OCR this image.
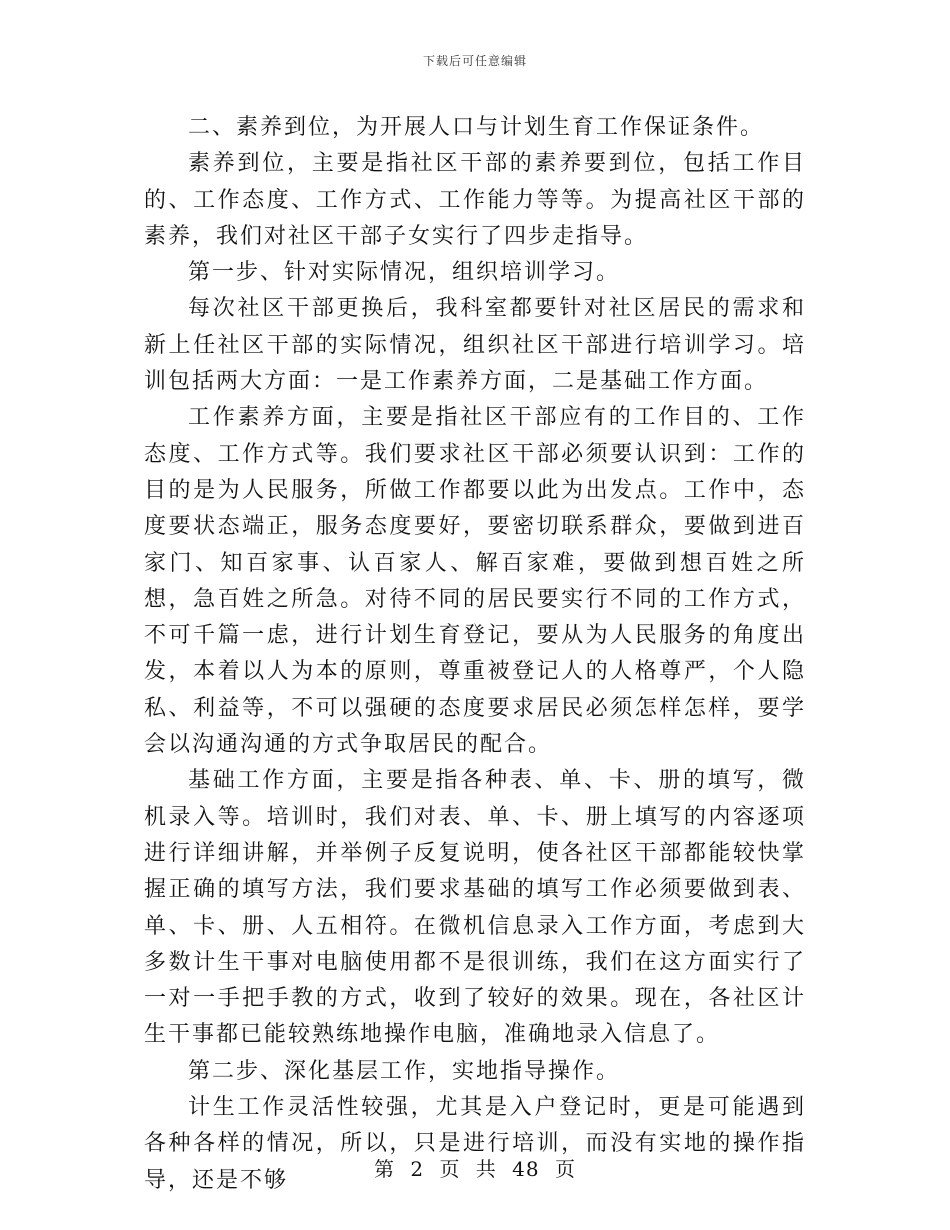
下载后可任意编辑

二、素养到位，为开展人口与计划生育工作保证条件。

素养到位，主要是指社区干部的素养要到位，包括工作目的、工作态度、工作方式、工作能力等等。为提高社区干部的素养，我们对社区干部子女实行了四步走指导。

第一步、针对实际情况，组织培训学习。

每次社区干部更换后，我科室都要针对社区居民的需求和新上任社区干部的实际情况，组织社区干部进行培训学习。培训包括两大方面：一是工作素养方面，二是基础工作方面。

工作素养方面，主要是指社区干部应有的工作目的、工作态度、工作方式等。我们要求社区干部必须要认识到：工作的目的是为人民服务，所做工作都要以此为出发点。工作中，态度要状态端正，服务态度要好，要密切联系群众，要做到进百家门、知百家事、认百家人、解百家难，要做到想百姓之所想，急百姓之所急。对待不同的居民要实行不同的工作方式，不可千篇一虑，进行计划生育登记，要从为人民服务的角度出发，本着以人为本的原则，尊重被登记人的人格尊严，个人隐私、利益等，不可以强硬的态度要求居民必须怎样怎样，要学会以沟通沟通的方式争取居民的配合。

基础工作方面，主要是指各种表、单、卡、册的填写，微机录入等。培训时，我们对表、单、卡、册上填写的内容逐项进行详细讲解，并举例子反复说明，使各社区干部都能较快掌握正确的填写方法，我们要求基础的填写工作必须要做到表、单、卡、册、人五相符。在微机信息录入工作方面，考虑到大多数计生干事对电脑使用都不是很训练，我们在这方面实行了一对一手把手教的方式，收到了较好的效果。现在，各社区计生干事都已能较熟练地操作电脑，准确地录入信息了。

第二步、深化基层工作，实地指导操作。

计生工作灵活性较强，尤其是入户登记时，更是可能遇到各种各样的情况，所以，只是进行培训，而没有实地的操作指导，还是不够	第 2 页 共 48 页
